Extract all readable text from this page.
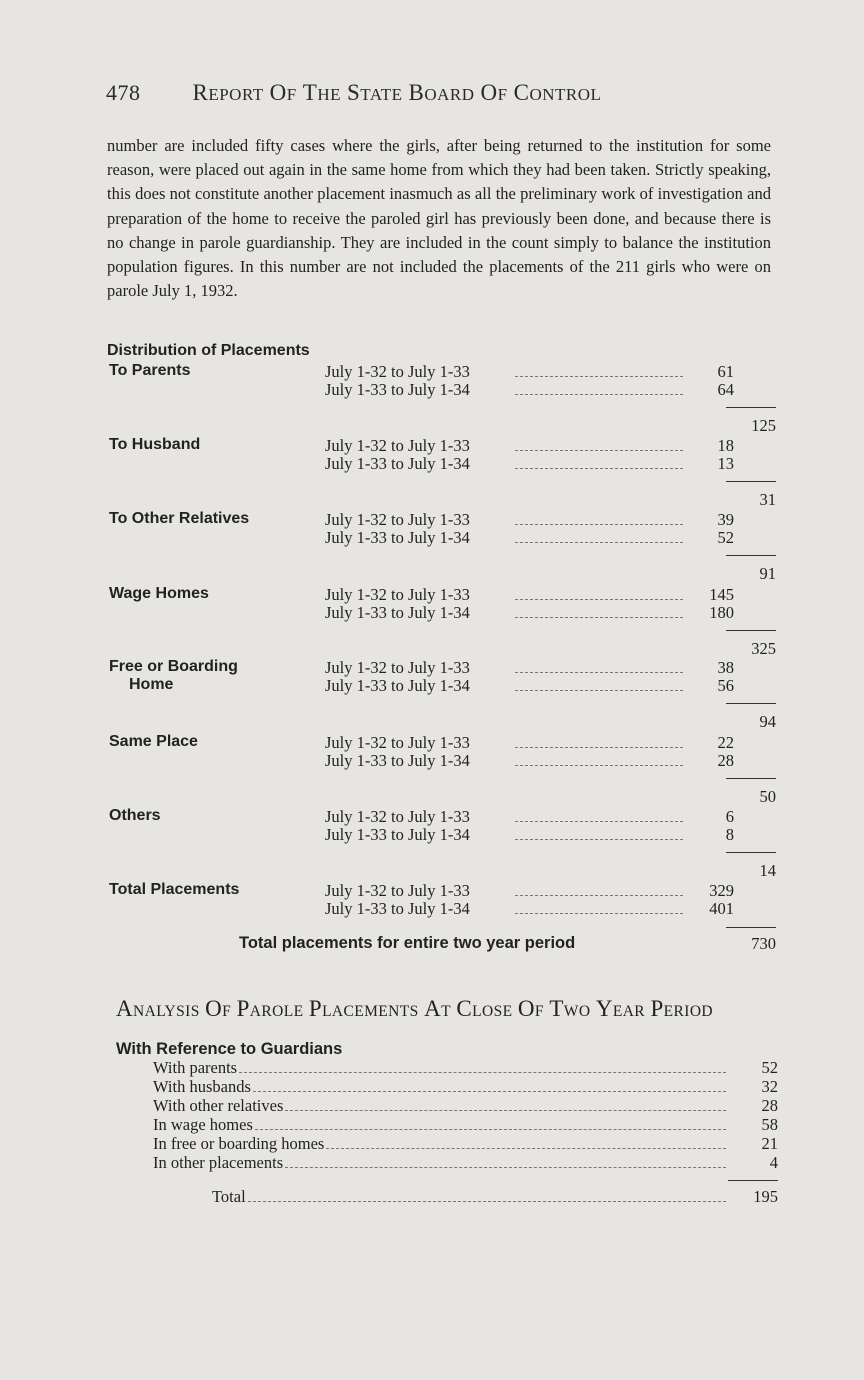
478 REPORT OF THE STATE BOARD OF CONTROL
number are included fifty cases where the girls, after being returned to the institution for some reason, were placed out again in the same home from which they had been taken. Strictly speaking, this does not constitute another placement inasmuch as all the preliminary work of investigation and preparation of the home to receive the paroled girl has previously been done, and because there is no change in parole guardianship. They are included in the count simply to balance the institution population figures. In this number are not included the placements of the 211 girls who were on parole July 1, 1932.
Distribution of Placements
To Parents	July 1-32 to July 1-33	61
July 1-33 to July 1-34	64
125
To Husband	July 1-32 to July 1-33	18
July 1-33 to July 1-34	13
31
To Other Relatives	July 1-32 to July 1-33	39
July 1-33 to July 1-34	52
91
Wage Homes	July 1-32 to July 1-33	145
July 1-33 to July 1-34	180
325
Free or Boarding
Home
July 1-32 to July 1-33	38
July 1-33 to July 1-34	56
94
Same Place	July 1-32 to July 1-33	22
July 1-33 to July 1-34	28
50
Others	July 1-32 to July 1-33	6
July 1-33 to July 1-34	8
14
Total Placements	July 1-32 to July 1-33	329
July 1-33 to July 1-34	401
Total placements for entire two year period	730
ANALYSIS OF PAROLE PLACEMENTS AT CLOSE OF TWO YEAR PERIOD
With Reference to Guardians
With parents	52
With husbands	32
With other relatives	28
In wage homes	58
In free or boarding homes	21
In other placements	4
Total	195
